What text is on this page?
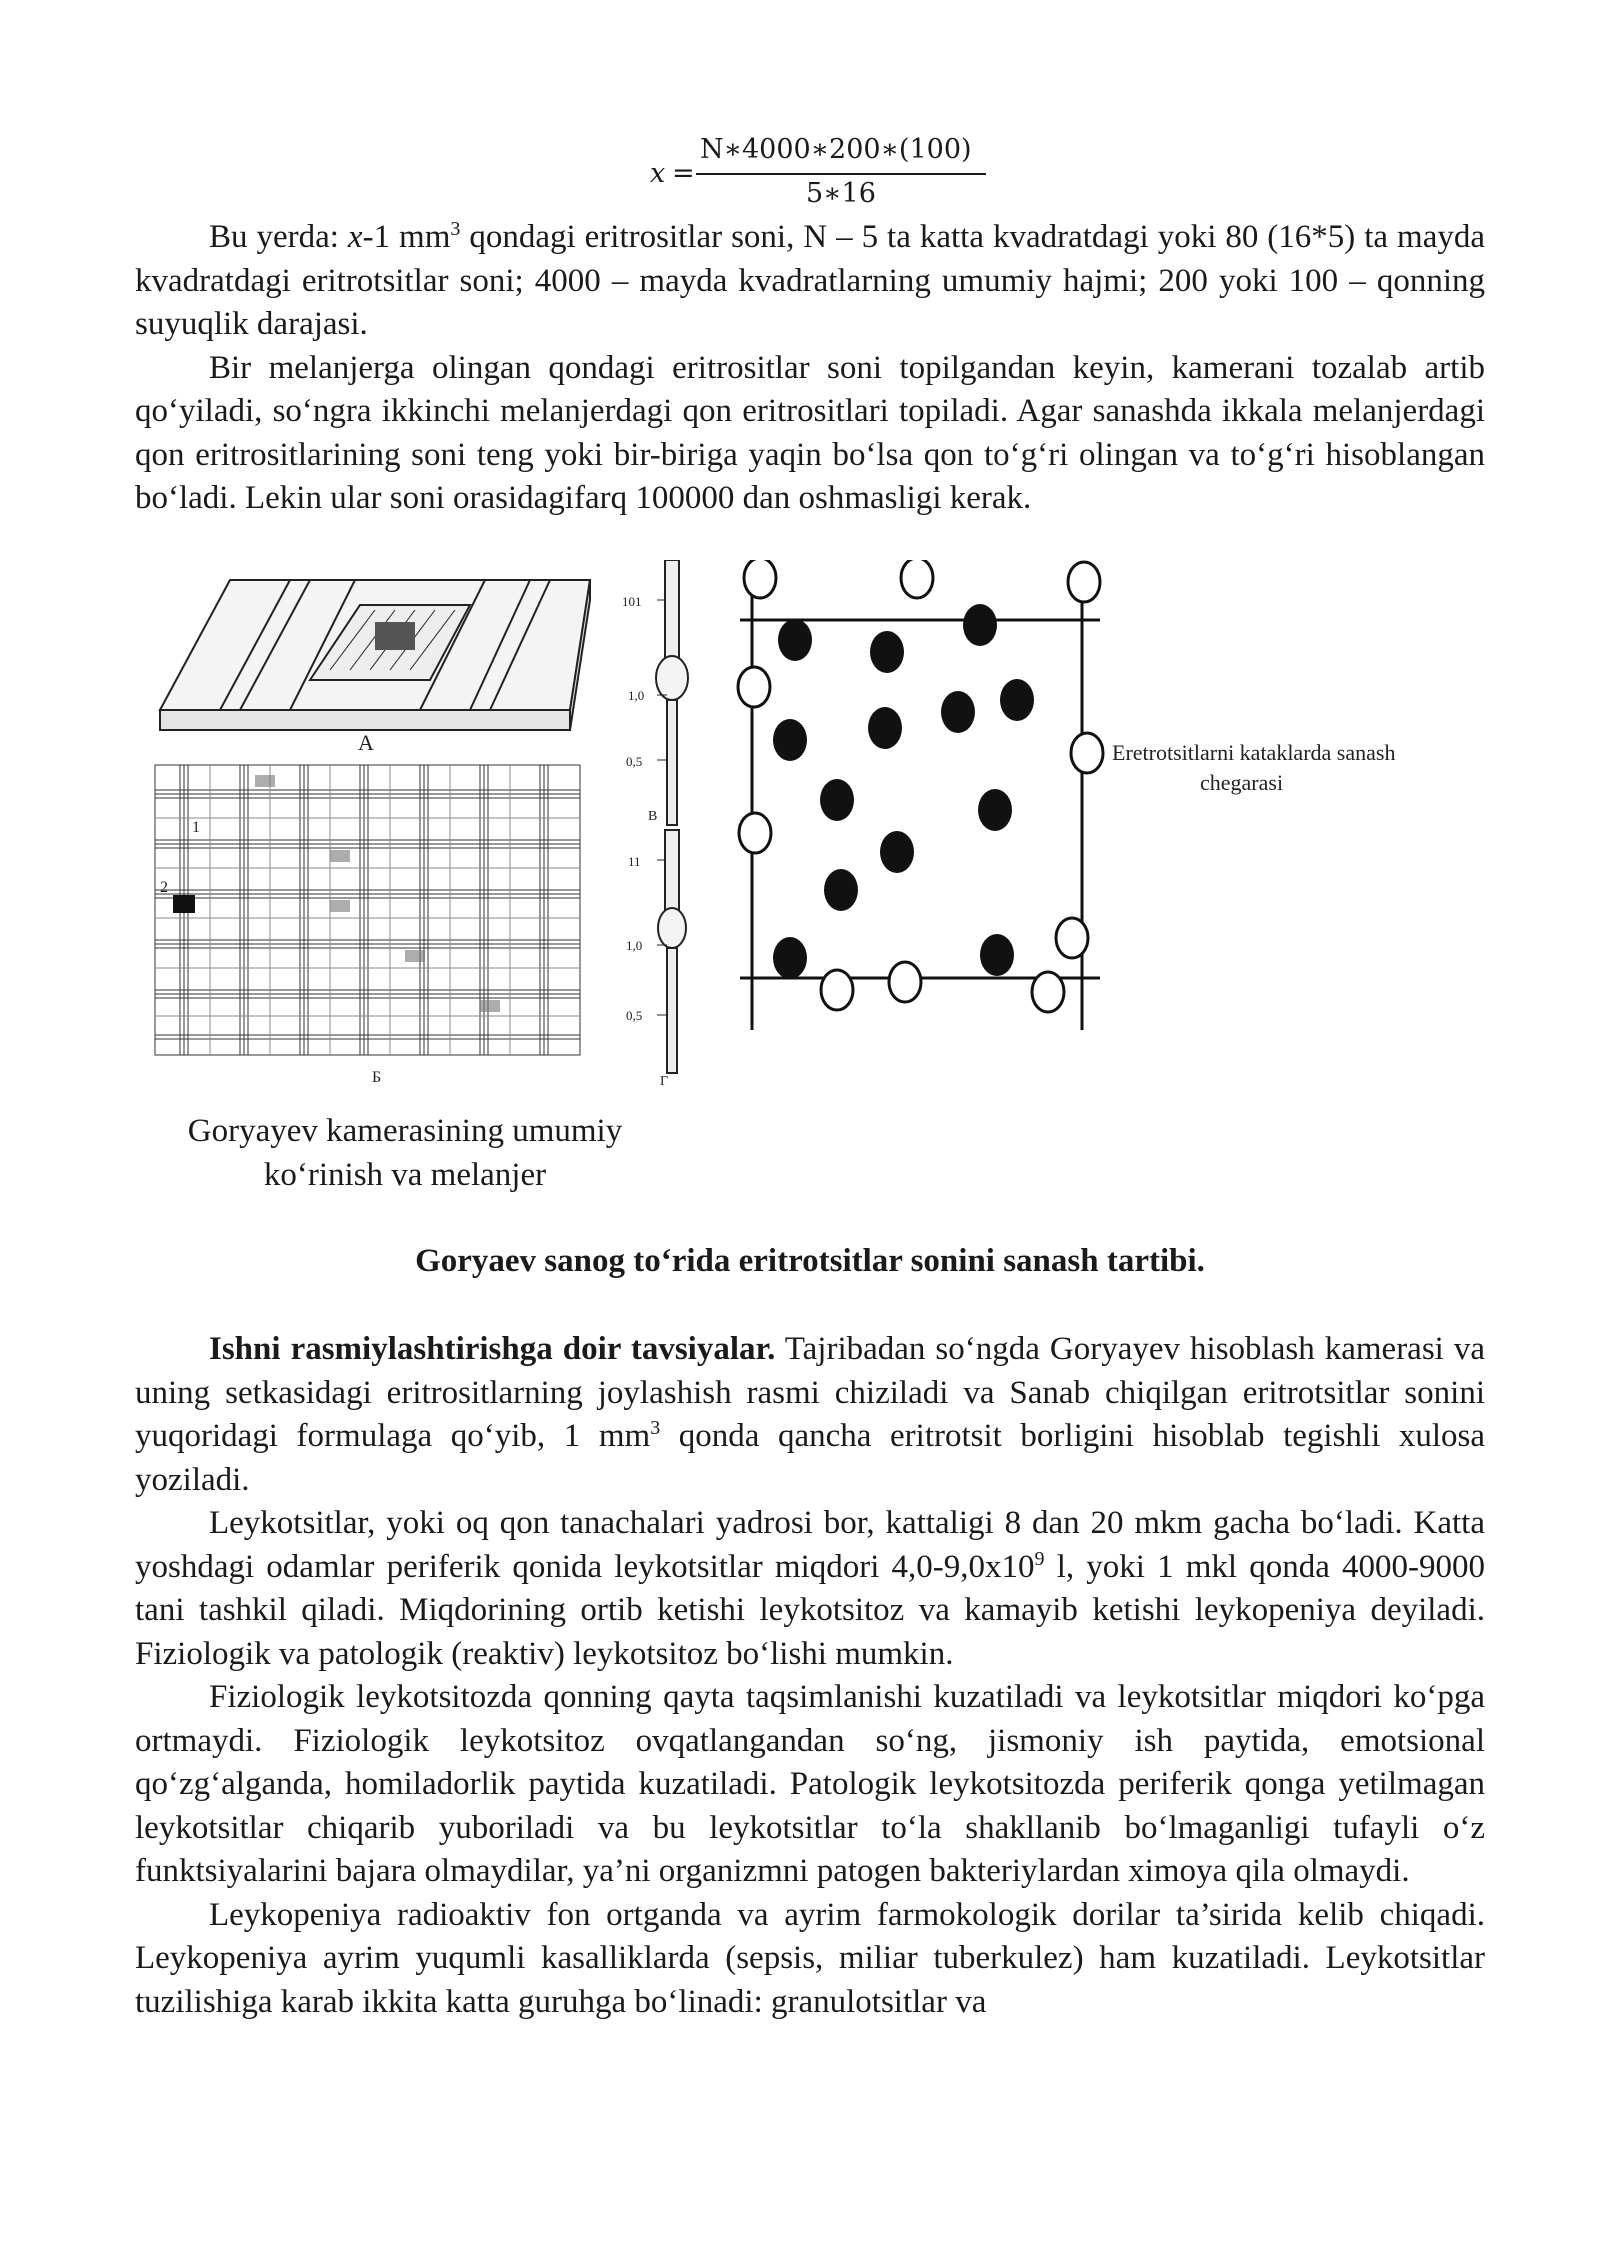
x =
N∗4000∗200∗(100)
5∗16

Bu yerda: x-1 $mm^3$ qondagi eritrositlar soni, N – 5 ta katta kvadratdagi yoki 80 (16*5) ta mayda kvadratdagi eritrotsitlar soni; 4000 – mayda kvadratlarning umumiy hajmi; 200 yoki 100 – qonning suyuqlik darajasi.

Bir melanjerga olingan qondagi eritrositlar soni topilgandan keyin, kamerani tozalab artib qo‘yiladi, so‘ngra ikkinchi melanjerdagi qon eritrositlari topiladi. Agar sanashda ikkala melanjerdagi qon eritrositlarining soni teng yoki bir-biriga yaqin bo‘lsa qon to‘g‘ri olingan va to‘g‘ri hisoblangan bo‘ladi. Lekin ular soni orasidagifarq 100000 dan oshmasligi kerak.

A
1
2
Б
101
1,0
0,5
В
11
1,0
0,5
Г
Eretrotsitlarni kataklarda sanash
chegarasi
Goryayev kamerasining umumiy
ko‘rinish va melanjer
Goryaev sanog to‘rida eritrotsitlar sonini sanash tartibi.

Ishni rasmiylashtirishga doir tavsiyalar. Tajribadan so‘ngda Goryayev hisoblash kamerasi va uning setkasidagi eritrositlarning joylashish rasmi chiziladi va Sanab chiqilgan eritrotsitlar sonini yuqoridagi formulaga qo‘yib, 1 $mm^3$ qonda qancha eritrotsit borligini hisoblab tegishli xulosa yoziladi.

Leykotsitlar, yoki oq qon tanachalari yadrosi bor, kattaligi 8 dan 20 mkm gacha bo‘ladi. Katta yoshdagi odamlar periferik qonida leykotsitlar miqdori $4,0-9,0x10^9$ l, yoki 1 mkl qonda 4000-9000 tani tashkil qiladi. Miqdorining ortib ketishi leykotsitoz va kamayib ketishi leykopeniya deyiladi. Fiziologik va patologik (reaktiv) leykotsitoz bo‘lishi mumkin.

Fiziologik leykotsitozda qonning qayta taqsimlanishi kuzatiladi va leykotsitlar miqdori ko‘pga ortmaydi. Fiziologik leykotsitoz ovqatlangandan so‘ng, jismoniy ish paytida, emotsional qo‘zg‘alganda, homiladorlik paytida kuzatiladi. Patologik leykotsitozda periferik qonga yetilmagan leykotsitlar chiqarib yuboriladi va bu leykotsitlar to‘la shakllanib bo‘lmaganligi tufayli o‘z funktsiyalarini bajara olmaydilar, ya’ni organizmni patogen bakteriylardan ximoya qila olmaydi.

Leykopeniya radioaktiv fon ortganda va ayrim farmokologik dorilar ta’sirida kelib chiqadi. Leykopeniya ayrim yuqumli kasalliklarda (sepsis, miliar tuberkulez) ham kuzatiladi. Leykotsitlar tuzilishiga karab ikkita katta guruhga bo‘linadi: granulotsitlar va
